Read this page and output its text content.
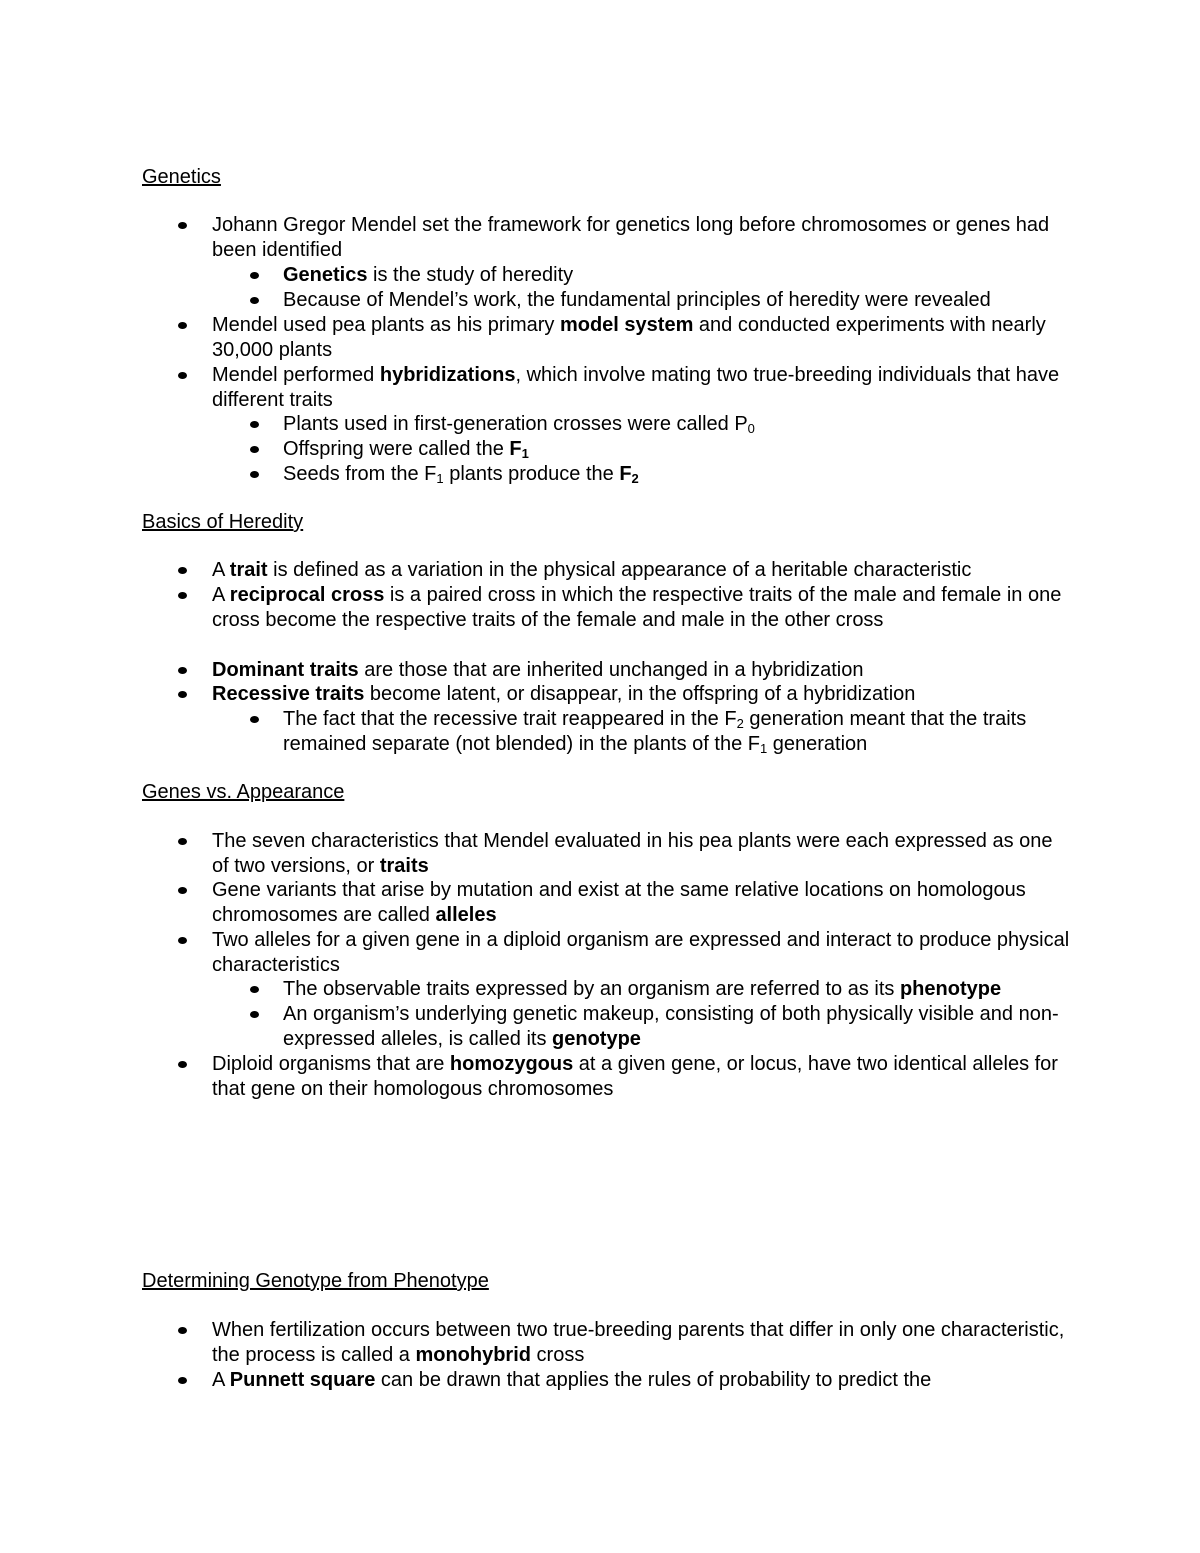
Genetics

Johann Gregor Mendel set the framework for genetics long before chromosomes or genes had been identified

Genetics is the study of heredity

Because of Mendel’s work, the fundamental principles of heredity were revealed

Mendel used pea plants as his primary model system and conducted experiments with nearly 30,000 plants

Mendel performed hybridizations, which involve mating two true-breeding individuals that have different traits

Plants used in first-generation crosses were called $P_0$

Offspring were called the $F_1$

Seeds from the $F_1$ plants produce the $F_2$

Basics of Heredity

A trait is defined as a variation in the physical appearance of a heritable characteristic

A reciprocal cross is a paired cross in which the respective traits of the male and female in one cross become the respective traits of the female and male in the other cross

Dominant traits are those that are inherited unchanged in a hybridization

Recessive traits become latent, or disappear, in the offspring of a hybridization

The fact that the recessive trait reappeared in the $F_2$ generation meant that the traits remained separate (not blended) in the plants of the $F_1$ generation

Genes vs. Appearance

The seven characteristics that Mendel evaluated in his pea plants were each expressed as one of two versions, or traits

Gene variants that arise by mutation and exist at the same relative locations on homologous chromosomes are called alleles

Two alleles for a given gene in a diploid organism are expressed and interact to produce physical characteristics

The observable traits expressed by an organism are referred to as its phenotype

An organism’s underlying genetic makeup, consisting of both physically visible and non-expressed alleles, is called its genotype

Diploid organisms that are homozygous at a given gene, or locus, have two identical alleles for that gene on their homologous chromosomes

Determining Genotype from Phenotype

When fertilization occurs between two true-breeding parents that differ in only one characteristic, the process is called a monohybrid cross

A Punnett square can be drawn that applies the rules of probability to predict the
